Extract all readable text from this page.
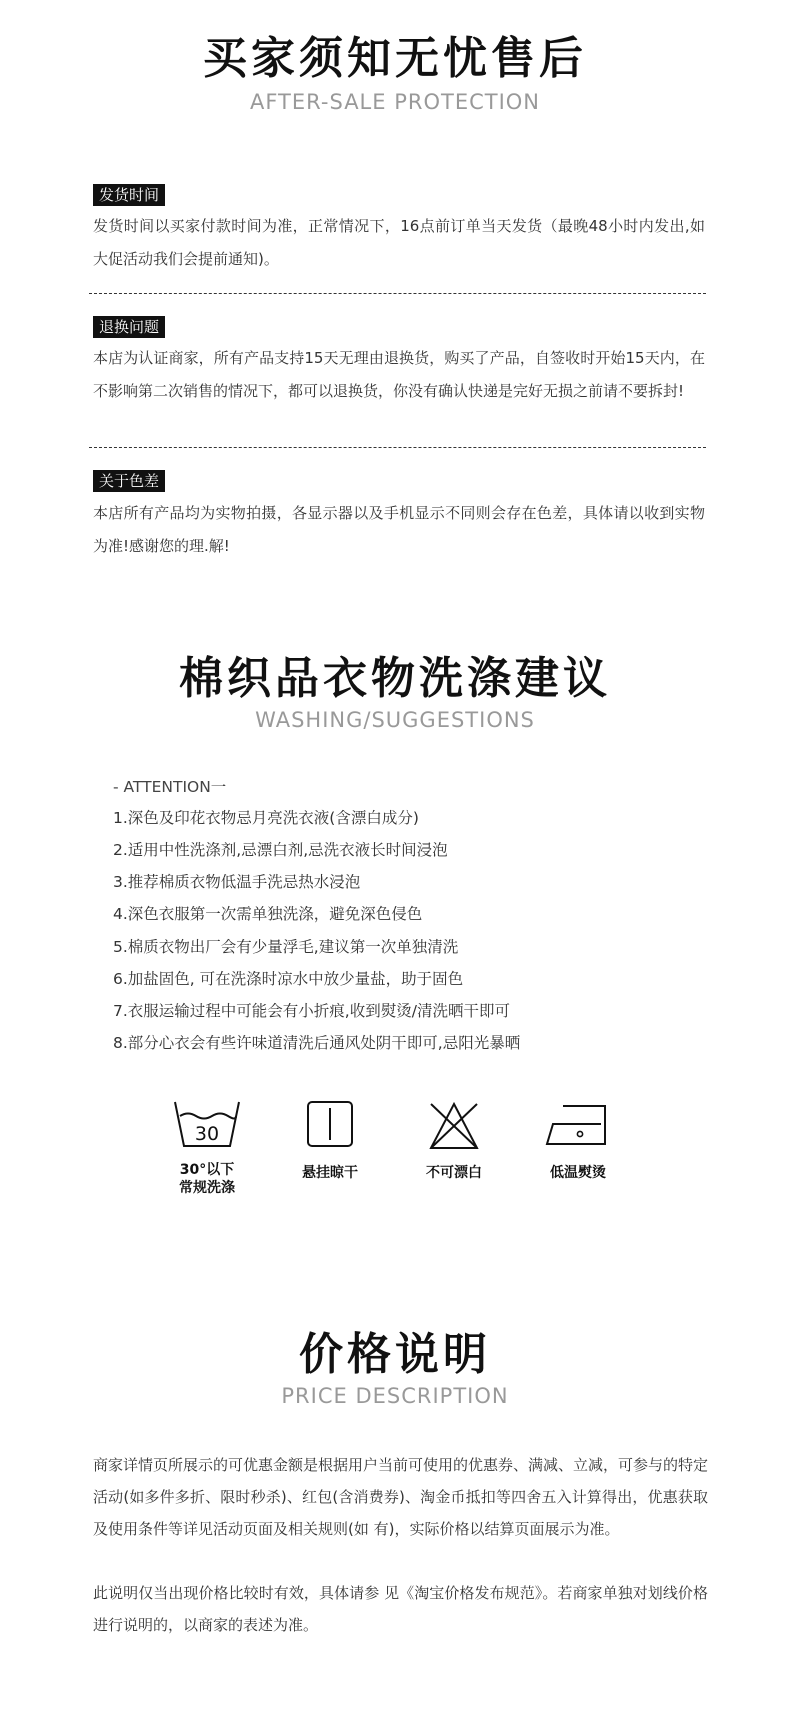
买家须知无忧售后
AFTER-SALE PROTECTION
发货时间
发货时间以买家付款时间为准，正常情况下，16点前订单当天发货（最晚48小时内发出,如大促活动我们会提前通知)。
退换问题
本店为认证商家，所有产品支持15天无理由退换货，购买了产品，自签收时开始15天内，在不影响第二次销售的情况下，都可以退换货，你没有确认快递是完好无损之前请不要拆封!
关于色差
本店所有产品均为实物拍摄，各显示器以及手机显示不同则会存在色差，具体请以收到实物为准!感谢您的理.解!
棉织品衣物洗涤建议
WASHING/SUGGESTIONS
- ATTENTION一
1.深色及印花衣物忌月亮洗衣液(含漂白成分)
2.适用中性洗涤剂,忌漂白剂,忌洗衣液长时间浸泡
3.推荐棉质衣物低温手洗忌热水浸泡
4.深色衣服第一次需单独洗涤，避免深色侵色
5.棉质衣物出厂会有少量浮毛,建议第一次单独清洗
6.加盐固色, 可在洗涤时凉水中放少量盐，助于固色
7.衣服运输过程中可能会有小折痕,收到熨烫/清洗晒干即可
8.部分心衣会有些许味道清洗后通风处阴干即可,忌阳光暴晒
30
30°以下
常规洗涤
悬挂晾干	不可漂白	低温熨烫
价格说明
PRICE DESCRIPTION
商家详情页所展示的可优惠金额是根据用户当前可使用的优惠券、满减、立减，可参与的特定活动(如多件多折、限时秒杀)、红包(含消费券)、淘金币抵扣等四舍五入计算得出，优惠获取及使用条件等详见活动页面及相关规则(如 有)，实际价格以结算页面展示为准。
此说明仅当出现价格比较时有效，具体请参 见《淘宝价格发布规范》。若商家单独对划线价格进行说明的，以商家的表述为准。
